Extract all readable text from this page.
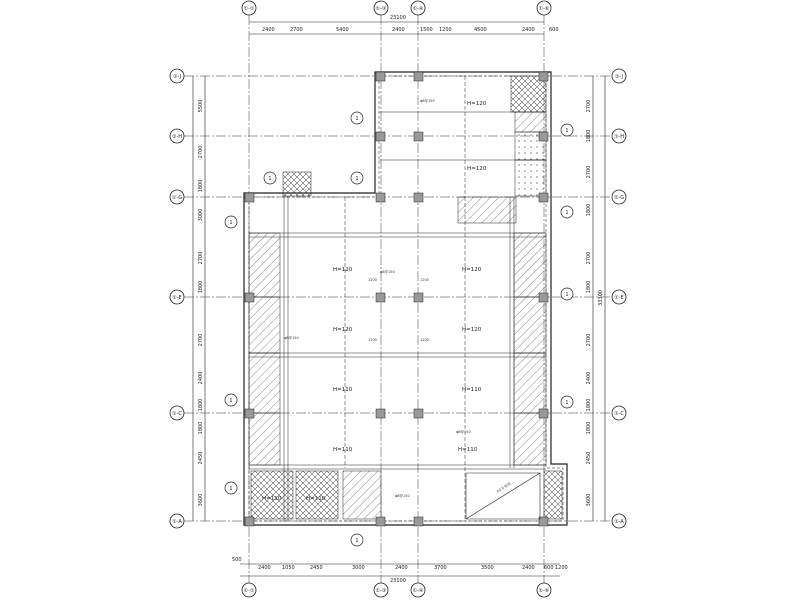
①-①	①-③	①-④	①-⑥
①-①	①-③	①-④	①-⑥
①-J
①-H
①-G
①-E
①-C
①-A
①-J
①-H
①-G
①-E
①-C
①-A
±0.0 板面
H=120
H=120
H=120	H=120
H=120	H=120
H=110	H=110
H=110	H=110
H=110	H=110
φ8@150
φ8@150
φ8@150
φ8@150
φ8@150
1200	1200
1200	1200
1
1
1
1
1
1
1
1
1
1
1
2400	2700	5400	2400	1500 1200	4500	2400	600
23100
500
2400 1050	2450	3000	2400	3700	3500	2400 600 1200
23100
5500
2700
1800
3000
2700
1800
2700
2400
1800
1800
2450
3600
2700
1800
2700
1800
2700
1800
2700
2400
1800
1800
2450
3600
33300
